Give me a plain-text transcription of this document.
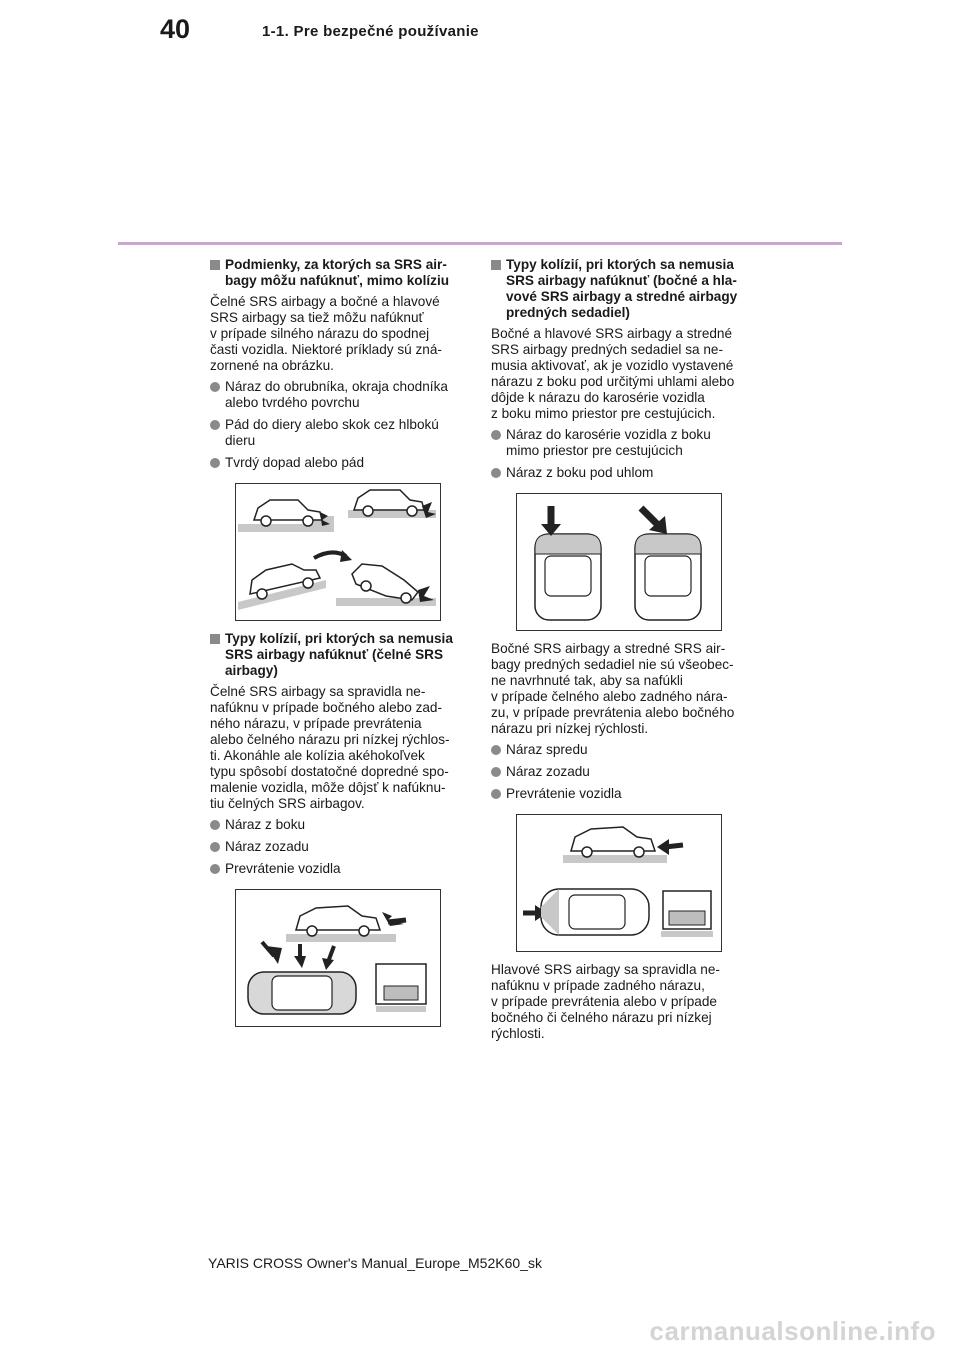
40	1-1. Pre bezpečné používanie
Podmienky, za ktorých sa SRS air-
bagy môžu nafúknuť, mimo kolíziu
Čelné SRS airbagy a bočné a hlavové
SRS airbagy sa tiež môžu nafúknuť
v prípade silného nárazu do spodnej
časti vozidla. Niektoré príklady sú zná-
zornené na obrázku.
Náraz do obrubníka, okraja chodníka
alebo tvrdého povrchu
Pád do diery alebo skok cez hlbokú
dieru
Tvrdý dopad alebo pád
Typy kolízií, pri ktorých sa nemusia
SRS airbagy nafúknuť (čelné SRS
airbagy)
Čelné SRS airbagy sa spravidla ne-
nafúknu v prípade bočného alebo zad-
ného nárazu, v prípade prevrátenia
alebo čelného nárazu pri nízkej rýchlos-
ti. Akonáhle ale kolízia akéhokoľvek
typu spôsobí dostatočné dopredné spo-
malenie vozidla, môže dôjsť k nafúknu-
tiu čelných SRS airbagov.
Náraz z boku
Náraz zozadu
Prevrátenie vozidla
Typy kolízií, pri ktorých sa nemusia
SRS airbagy nafúknuť (bočné a hla-
vové SRS airbagy a stredné airbagy
predných sedadiel)
Bočné a hlavové SRS airbagy a stredné
SRS airbagy predných sedadiel sa ne-
musia aktivovať, ak je vozidlo vystavené
nárazu z boku pod určitými uhlami alebo
dôjde k nárazu do karosérie vozidla
z boku mimo priestor pre cestujúcich.
Náraz do karosérie vozidla z boku
mimo priestor pre cestujúcich
Náraz z boku pod uhlom
Bočné SRS airbagy a stredné SRS air-
bagy predných sedadiel nie sú všeobec-
ne navrhnuté tak, aby sa nafúkli
v prípade čelného alebo zadného nára-
zu, v prípade prevrátenia alebo bočného
nárazu pri nízkej rýchlosti.
Náraz spredu
Náraz zozadu
Prevrátenie vozidla
Hlavové SRS airbagy sa spravidla ne-
nafúknu v prípade zadného nárazu,
v prípade prevrátenia alebo v prípade
bočného či čelného nárazu pri nízkej
rýchlosti.
YARIS CROSS Owner's Manual_Europe_M52K60_sk
carmanualsonline.info
